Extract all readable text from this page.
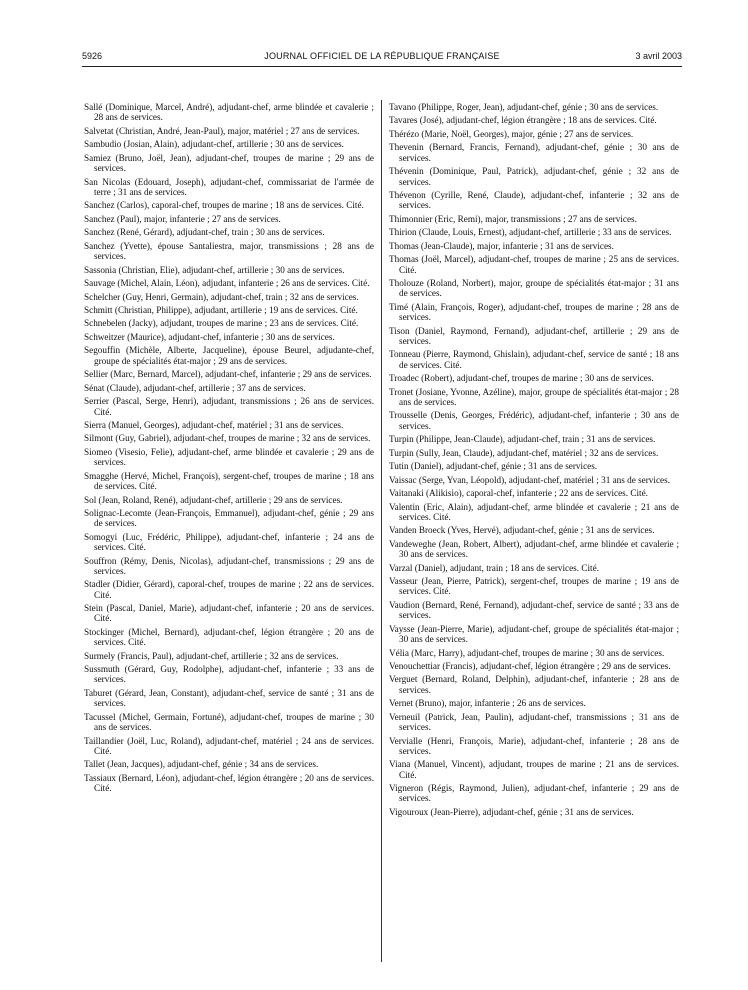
5926	JOURNAL OFFICIEL DE LA RÉPUBLIQUE FRANÇAISE	3 avril 2003

Sallé (Dominique, Marcel, André), adjudant-chef, arme blindée et cavalerie ; 28 ans de services.

Salvetat (Christian, André, Jean-Paul), major, matériel ; 27 ans de services.

Sambudio (Josian, Alain), adjudant-chef, artillerie ; 30 ans de services.

Samiez (Bruno, Joël, Jean), adjudant-chef, troupes de marine ; 29 ans de services.

San Nicolas (Edouard, Joseph), adjudant-chef, commissariat de l'armée de terre ; 31 ans de services.

Sanchez (Carlos), caporal-chef, troupes de marine ; 18 ans de services. Cité.

Sanchez (Paul), major, infanterie ; 27 ans de services.

Sanchez (René, Gérard), adjudant-chef, train ; 30 ans de services.

Sanchez (Yvette), épouse Santaliestra, major, transmissions ; 28 ans de services.

Sassonia (Christian, Elie), adjudant-chef, artillerie ; 30 ans de services.

Sauvage (Michel, Alain, Léon), adjudant, infanterie ; 26 ans de services. Cité.

Schelcher (Guy, Henri, Germain), adjudant-chef, train ; 32 ans de services.

Schmitt (Christian, Philippe), adjudant, artillerie ; 19 ans de services. Cité.

Schnebelen (Jacky), adjudant, troupes de marine ; 23 ans de services. Cité.

Schweitzer (Maurice), adjudant-chef, infanterie ; 30 ans de services.

Segouffin (Michèle, Alberte, Jacqueline), épouse Beurel, adjudante-chef, groupe de spécialités état-major ; 29 ans de services.

Sellier (Marc, Bernard, Marcel), adjudant-chef, infanterie ; 29 ans de services.

Sénat (Claude), adjudant-chef, artillerie ; 37 ans de services.

Serrier (Pascal, Serge, Henri), adjudant, transmissions ; 26 ans de services. Cité.

Sierra (Manuel, Georges), adjudant-chef, matériel ; 31 ans de services.

Silmont (Guy, Gabriel), adjudant-chef, troupes de marine ; 32 ans de services.

Siomeo (Visesio, Felie), adjudant-chef, arme blindée et cavalerie ; 29 ans de services.

Smagghe (Hervé, Michel, François), sergent-chef, troupes de marine ; 18 ans de services. Cité.

Sol (Jean, Roland, René), adjudant-chef, artillerie ; 29 ans de services.

Solignac-Lecomte (Jean-François, Emmanuel), adjudant-chef, génie ; 29 ans de services.

Somogyi (Luc, Frédéric, Philippe), adjudant-chef, infanterie ; 24 ans de services. Cité.

Souffron (Rémy, Denis, Nicolas), adjudant-chef, transmissions ; 29 ans de services.

Stadler (Didier, Gérard), caporal-chef, troupes de marine ; 22 ans de services. Cité.

Stein (Pascal, Daniel, Marie), adjudant-chef, infanterie ; 20 ans de services. Cité.

Stockinger (Michel, Bernard), adjudant-chef, légion étrangère ; 20 ans de services. Cité.

Surmely (Francis, Paul), adjudant-chef, artillerie ; 32 ans de services.

Sussmuth (Gérard, Guy, Rodolphe), adjudant-chef, infanterie ; 33 ans de services.

Taburet (Gérard, Jean, Constant), adjudant-chef, service de santé ; 31 ans de services.

Tacussel (Michel, Germain, Fortuné), adjudant-chef, troupes de marine ; 30 ans de services.

Taillandier (Joël, Luc, Roland), adjudant-chef, matériel ; 24 ans de services. Cité.

Tallet (Jean, Jacques), adjudant-chef, génie ; 34 ans de services.

Tassiaux (Bernard, Léon), adjudant-chef, légion étrangère ; 20 ans de services. Cité.

Tavano (Philippe, Roger, Jean), adjudant-chef, génie ; 30 ans de services.

Tavares (José), adjudant-chef, légion étrangère ; 18 ans de services. Cité.

Thérézo (Marie, Noël, Georges), major, génie ; 27 ans de services.

Thevenin (Bernard, Francis, Fernand), adjudant-chef, génie ; 30 ans de services.

Thévenin (Dominique, Paul, Patrick), adjudant-chef, génie ; 32 ans de services.

Thévenon (Cyrille, René, Claude), adjudant-chef, infanterie ; 32 ans de services.

Thimonnier (Eric, Remi), major, transmissions ; 27 ans de services.

Thirion (Claude, Louis, Ernest), adjudant-chef, artillerie ; 33 ans de services.

Thomas (Jean-Claude), major, infanterie ; 31 ans de services.

Thomas (Joël, Marcel), adjudant-chef, troupes de marine ; 25 ans de services. Cité.

Tholouze (Roland, Norbert), major, groupe de spécialités état-major ; 31 ans de services.

Timé (Alain, François, Roger), adjudant-chef, troupes de marine ; 28 ans de services.

Tison (Daniel, Raymond, Fernand), adjudant-chef, artillerie ; 29 ans de services.

Tonneau (Pierre, Raymond, Ghislain), adjudant-chef, service de santé ; 18 ans de services. Cité.

Troadec (Robert), adjudant-chef, troupes de marine ; 30 ans de services.

Tronet (Josiane, Yvonne, Azéline), major, groupe de spécialités état-major ; 28 ans de services.

Trousselle (Denis, Georges, Frédéric), adjudant-chef, infanterie ; 30 ans de services.

Turpin (Philippe, Jean-Claude), adjudant-chef, train ; 31 ans de services.

Turpin (Sully, Jean, Claude), adjudant-chef, matériel ; 32 ans de services.

Tutin (Daniel), adjudant-chef, génie ; 31 ans de services.

Vaissac (Serge, Yvan, Léopold), adjudant-chef, matériel ; 31 ans de services.

Vaitanaki (Alikisio), caporal-chef, infanterie ; 22 ans de services. Cité.

Valentin (Eric, Alain), adjudant-chef, arme blindée et cavalerie ; 21 ans de services. Cité.

Vanden Broeck (Yves, Hervé), adjudant-chef, génie ; 31 ans de services.

Vandeweghe (Jean, Robert, Albert), adjudant-chef, arme blindée et cavalerie ; 30 ans de services.

Varzal (Daniel), adjudant, train ; 18 ans de services. Cité.

Vasseur (Jean, Pierre, Patrick), sergent-chef, troupes de marine ; 19 ans de services. Cité.

Vaudion (Bernard, René, Fernand), adjudant-chef, service de santé ; 33 ans de services.

Vaysse (Jean-Pierre, Marie), adjudant-chef, groupe de spécialités état-major ; 30 ans de services.

Vélia (Marc, Harry), adjudant-chef, troupes de marine ; 30 ans de services.

Venouchettiar (Francis), adjudant-chef, légion étrangère ; 29 ans de services.

Verguet (Bernard, Roland, Delphin), adjudant-chef, infanterie ; 28 ans de services.

Vernet (Bruno), major, infanterie ; 26 ans de services.

Verneuil (Patrick, Jean, Paulin), adjudant-chef, transmissions ; 31 ans de services.

Vervialle (Henri, François, Marie), adjudant-chef, infanterie ; 28 ans de services.

Viana (Manuel, Vincent), adjudant, troupes de marine ; 21 ans de services. Cité.

Vigneron (Régis, Raymond, Julien), adjudant-chef, infanterie ; 29 ans de services.

Vigouroux (Jean-Pierre), adjudant-chef, génie ; 31 ans de services.
